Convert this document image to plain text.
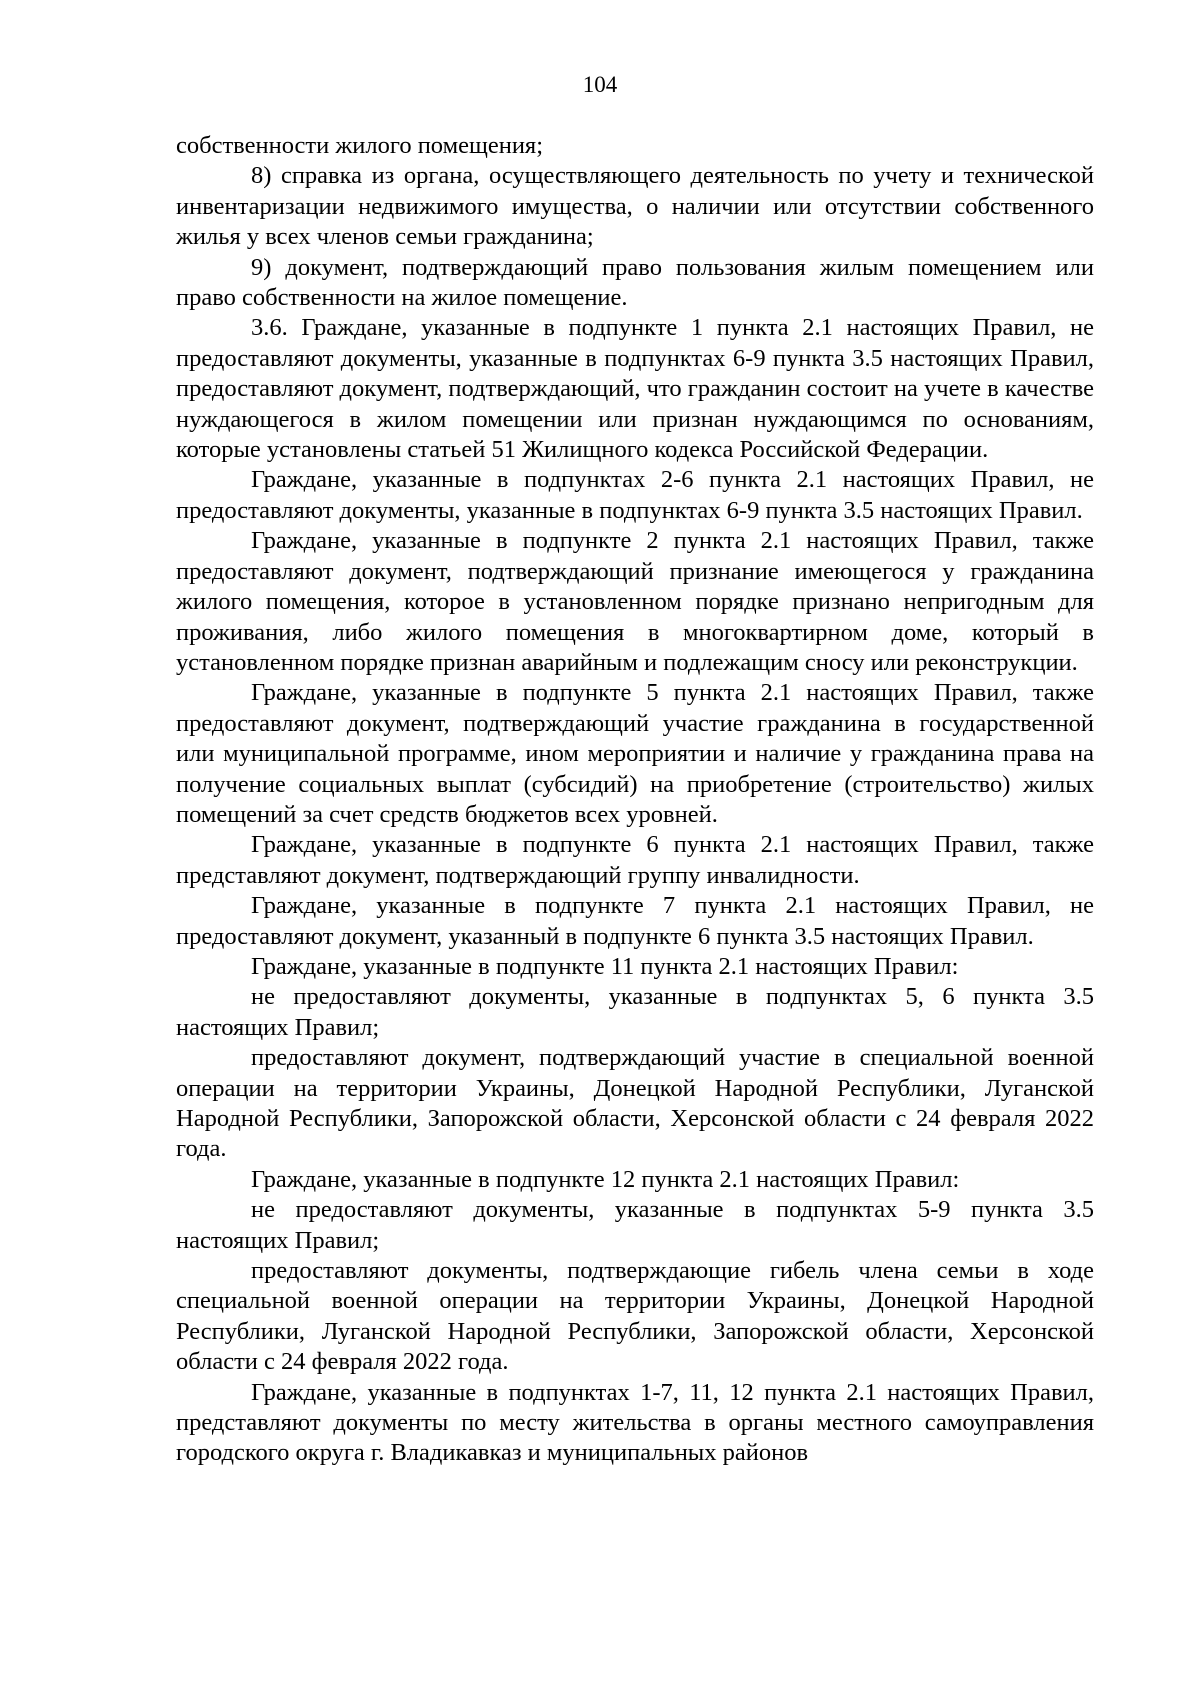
104

собственности жилого помещения;

8) справка из органа, осуществляющего деятельность по учету и технической инвентаризации недвижимого имущества, о наличии или отсутствии собственного жилья у всех членов семьи гражданина;

9) документ, подтверждающий право пользования жилым помещением или право собственности на жилое помещение.

3.6. Граждане, указанные в подпункте 1 пункта 2.1 настоящих Правил, не предоставляют документы, указанные в подпунктах 6-9 пункта 3.5 настоящих Правил, предоставляют документ, подтверждающий, что гражданин состоит на учете в качестве нуждающегося в жилом помещении или признан нуждающимся по основаниям, которые установлены статьей 51 Жилищного кодекса Российской Федерации.

Граждане, указанные в подпунктах 2-6 пункта 2.1 настоящих Правил, не предоставляют документы, указанные в подпунктах 6-9 пункта 3.5 настоящих Правил.

Граждане, указанные в подпункте 2 пункта 2.1 настоящих Правил, также предоставляют документ, подтверждающий признание имеющегося у гражданина жилого помещения, которое в установленном порядке признано непригодным для проживания, либо жилого помещения в многоквартирном доме, который в установленном порядке признан аварийным и подлежащим сносу или реконструкции.

Граждане, указанные в подпункте 5 пункта 2.1 настоящих Правил, также предоставляют документ, подтверждающий участие гражданина в государственной или муниципальной программе, ином мероприятии и наличие у гражданина права на получение социальных выплат (субсидий) на приобретение (строительство) жилых помещений за счет средств бюджетов всех уровней.

Граждане, указанные в подпункте 6 пункта 2.1 настоящих Правил, также представляют документ, подтверждающий группу инвалидности.

Граждане, указанные в подпункте 7 пункта 2.1 настоящих Правил, не предоставляют документ, указанный в подпункте 6 пункта 3.5 настоящих Правил.

Граждане, указанные в подпункте 11 пункта 2.1 настоящих Правил:

не предоставляют документы, указанные в подпунктах 5, 6 пункта 3.5 настоящих Правил;

предоставляют документ, подтверждающий участие в специальной военной операции на территории Украины, Донецкой Народной Республики, Луганской Народной Республики, Запорожской области, Херсонской области с 24 февраля 2022 года.

Граждане, указанные в подпункте 12 пункта 2.1 настоящих Правил:

не предоставляют документы, указанные в подпунктах 5-9 пункта 3.5 настоящих Правил;

предоставляют документы, подтверждающие гибель члена семьи в ходе специальной военной операции на территории Украины, Донецкой Народной Республики, Луганской Народной Республики, Запорожской области, Херсонской области с 24 февраля 2022 года.

Граждане, указанные в подпунктах 1-7, 11, 12 пункта 2.1 настоящих Правил, представляют документы по месту жительства в органы местного самоуправления городского округа г. Владикавказ и муниципальных районов
